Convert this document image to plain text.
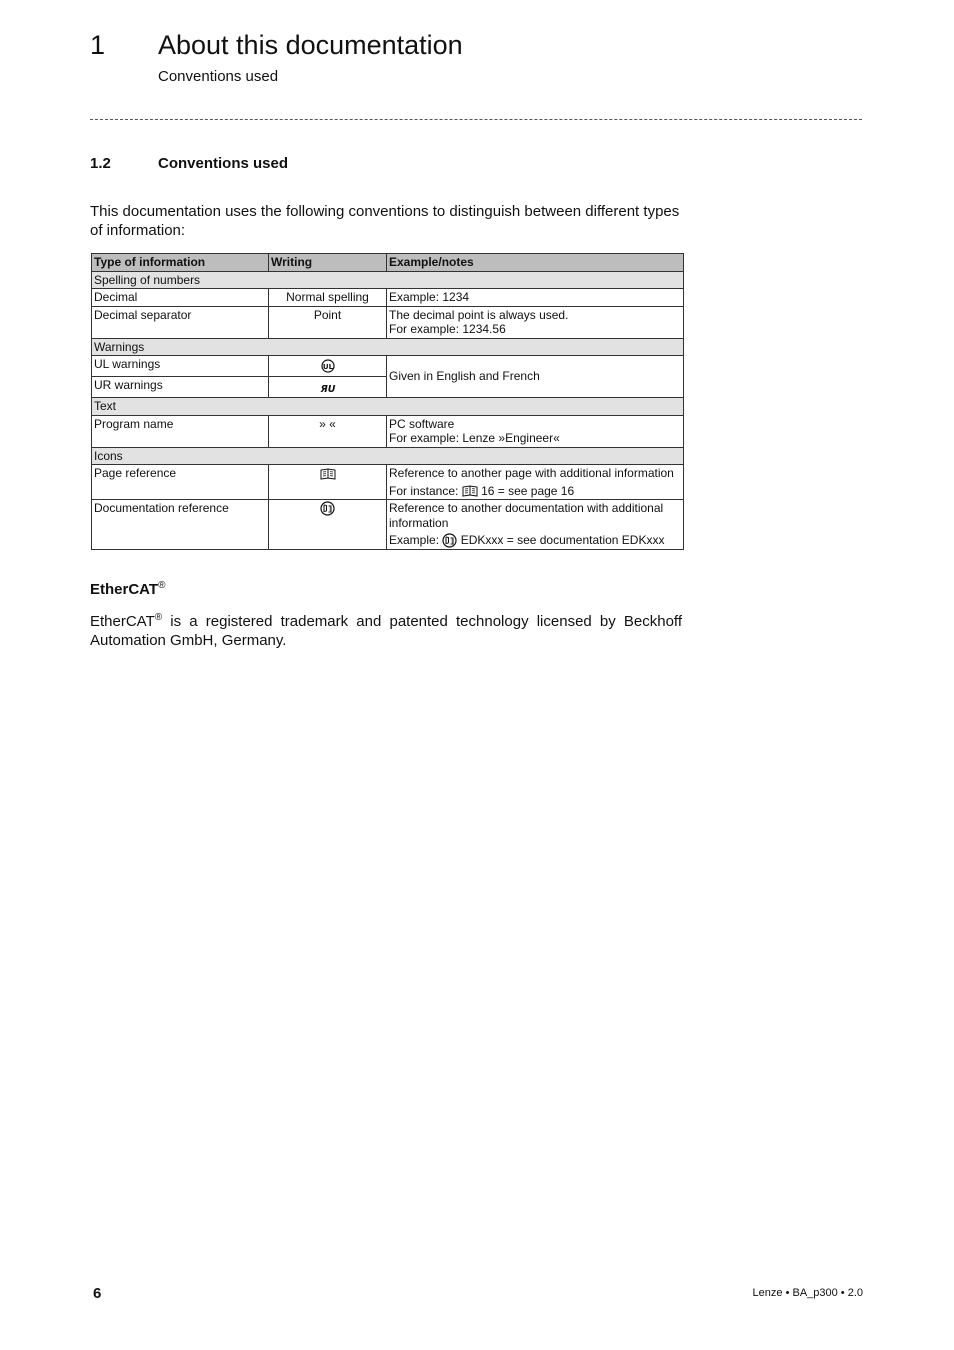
1 About this documentation
Conventions used
1.2	Conventions used
This documentation uses the following conventions to distinguish between different types of information:
Type of information	Writing	Example/notes
Spelling of numbers		
Decimal	Normal spelling	Example: 1234
Decimal separator	Point	The decimal point is always used.
For example: 1234.56

Warnings		
UL warnings	UL	Given in English and French
UR warnings	ЯU	

Text		
Program name	» «	PC software
For example: Lenze »Engineer«

Icons		
Page reference		Reference to another page with additional information
For instance: 16 = see page 16

Documentation reference		Reference to another documentation with additional information
Example: EDKxxx = see documentation EDKxxx
EtherCAT®
EtherCAT® is a registered trademark and patented technology licensed by Beckhoff Automation GmbH, Germany.
6	Lenze • BA_p300 • 2.0
